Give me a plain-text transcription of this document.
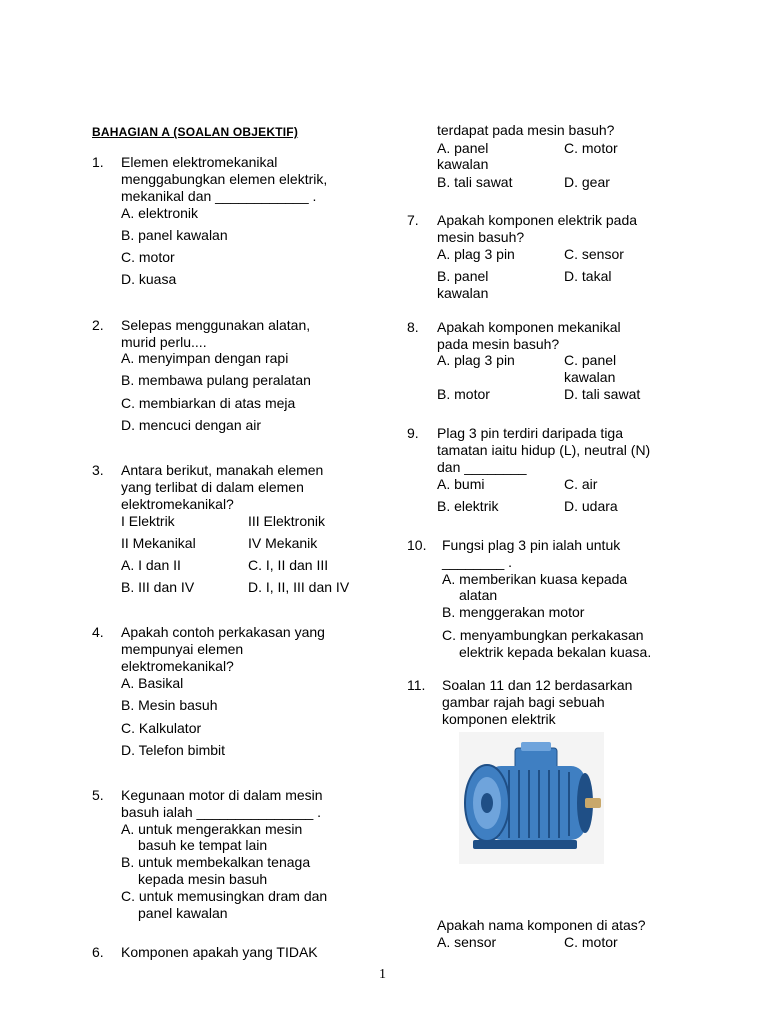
BAHAGIAN A (SOALAN OBJEKTIF)
1. Elemen elektromekanikal
menggabungkan elemen elektrik,
mekanikal dan ____________ .
A. elektronik
B. panel kawalan
C. motor
D. kuasa
2. Selepas menggunakan alatan,
murid perlu....
A. menyimpan dengan rapi
B. membawa pulang peralatan
C. membiarkan di atas meja
D. mencuci dengan air
3. Antara berikut, manakah elemen
yang terlibat di dalam elemen
elektromekanikal?
I Elektrik	III Elektronik
II Mekanikal	IV Mekanik
A. I dan II	C. I, II dan III
B. III dan IV	D. I, II, III dan IV
4. Apakah contoh perkakasan yang
mempunyai elemen
elektromekanikal?
A. Basikal
B. Mesin basuh
C. Kalkulator
D. Telefon bimbit
5. Kegunaan motor di dalam mesin
basuh ialah _______________ .
A. untuk mengerakkan mesin
basuh ke tempat lain
B. untuk membekalkan tenaga
kepada mesin basuh
C. untuk memusingkan dram dan
panel kawalan
6. Komponen apakah yang TIDAK
terdapat pada mesin basuh?
A. panel
kawalan
C. motor
B. tali sawat	D. gear
7. Apakah komponen elektrik pada
mesin basuh?
A. plag 3 pin	C. sensor
B. panel
kawalan
D. takal
8. Apakah komponen mekanikal
pada mesin basuh?
A. plag 3 pin	C. panel
kawalan
B. motor	D. tali sawat
9. Plag 3 pin terdiri daripada tiga
tamatan iaitu hidup (L), neutral (N)
dan ________
A. bumi	C. air
B. elektrik	D. udara
10. Fungsi plag 3 pin ialah untuk
________ .
A. memberikan kuasa kepada
alatan
B. menggerakan motor
C. menyambungkan perkakasan
elektrik kepada bekalan kuasa.
11. Soalan 11 dan 12 berdasarkan
gambar rajah bagi sebuah
komponen elektrik
Apakah nama komponen di atas?
A. sensor	C. motor
1
